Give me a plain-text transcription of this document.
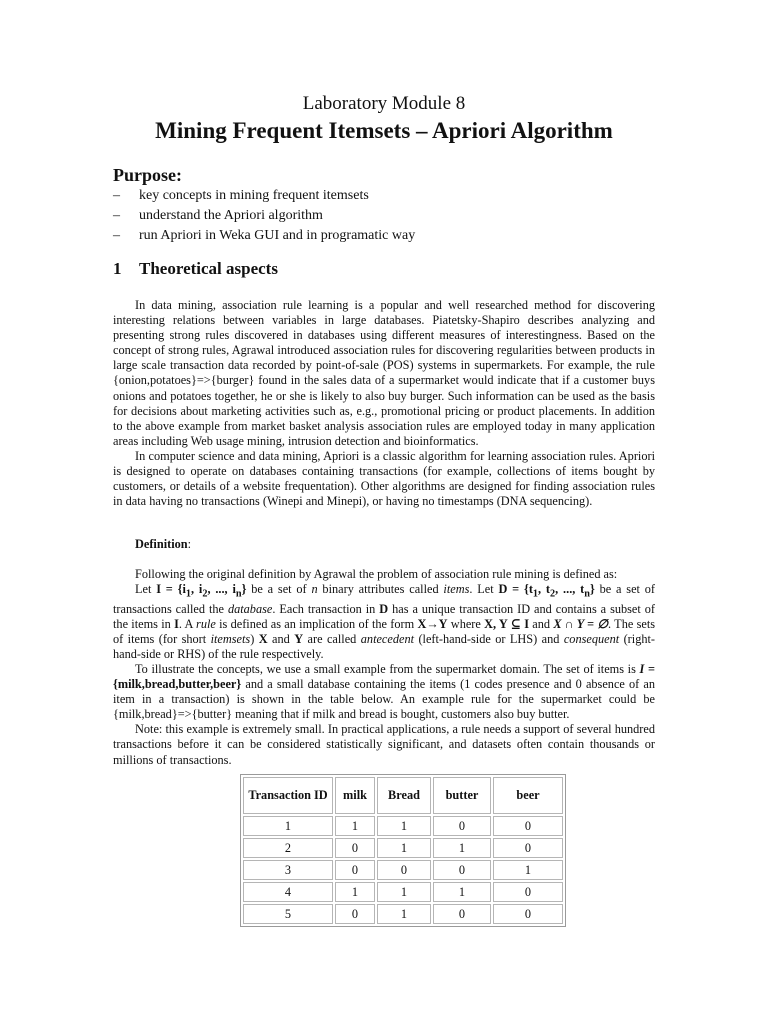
Laboratory Module 8
Mining Frequent Itemsets – Apriori Algorithm
Purpose:
–	key concepts in mining frequent itemsets
–	understand the Apriori algorithm
–	run Apriori in Weka GUI and in programatic way
1 Theoretical aspects

In data mining, association rule learning is a popular and well researched method for discovering interesting relations between variables in large databases. Piatetsky-Shapiro describes analyzing and presenting strong rules discovered in databases using different measures of interestingness. Based on the concept of strong rules, Agrawal introduced association rules for discovering regularities between products in large scale transaction data recorded by point-of-sale (POS) systems in supermarkets. For example, the rule {onion,potatoes}=>{burger} found in the sales data of a supermarket would indicate that if a customer buys onions and potatoes together, he or she is likely to also buy burger. Such information can be used as the basis for decisions about marketing activities such as, e.g., promotional pricing or product placements. In addition to the above example from market basket analysis association rules are employed today in many application areas including Web usage mining, intrusion detection and bioinformatics.

In computer science and data mining, Apriori is a classic algorithm for learning association rules. Apriori is designed to operate on databases containing transactions (for example, collections of items bought by customers, or details of a website frequentation). Other algorithms are designed for finding association rules in data having no transactions (Winepi and Minepi), or having no timestamps (DNA sequencing).

Definition:

Following the original definition by Agrawal the problem of association rule mining is defined as:

Let $I = \{i_1$, $i_2$, ..., $i_n$} be a set of n binary attributes called items. Let $D = \{t_1$, $t_2$, ..., $t_n$} be a set of transactions called the database. Each transaction in D has a unique transaction ID and contains a subset of the items in I. A rule is defined as an implication of the form X→Y where X, Y ⊆ I and X ∩ Y = ∅. The sets of items (for short itemsets) X and Y are called antecedent (left-hand-side or LHS) and consequent (right-hand-side or RHS) of the rule respectively.

To illustrate the concepts, we use a small example from the supermarket domain. The set of items is I = {milk,bread,butter,beer} and a small database containing the items (1 codes presence and 0 absence of an item in a transaction) is shown in the table below. An example rule for the supermarket could be {milk,bread}=>{butter} meaning that if milk and bread is bought, customers also buy butter.

Note: this example is extremely small. In practical applications, a rule needs a support of several hundred transactions before it can be considered statistically significant, and datasets often contain thousands or millions of transactions.

Transaction ID	milk	Bread	butter	beer
1	1	1	0	0
2	0	1	1	0
3	0	0	0	1
4	1	1	1	0
5	0	1	0	0
